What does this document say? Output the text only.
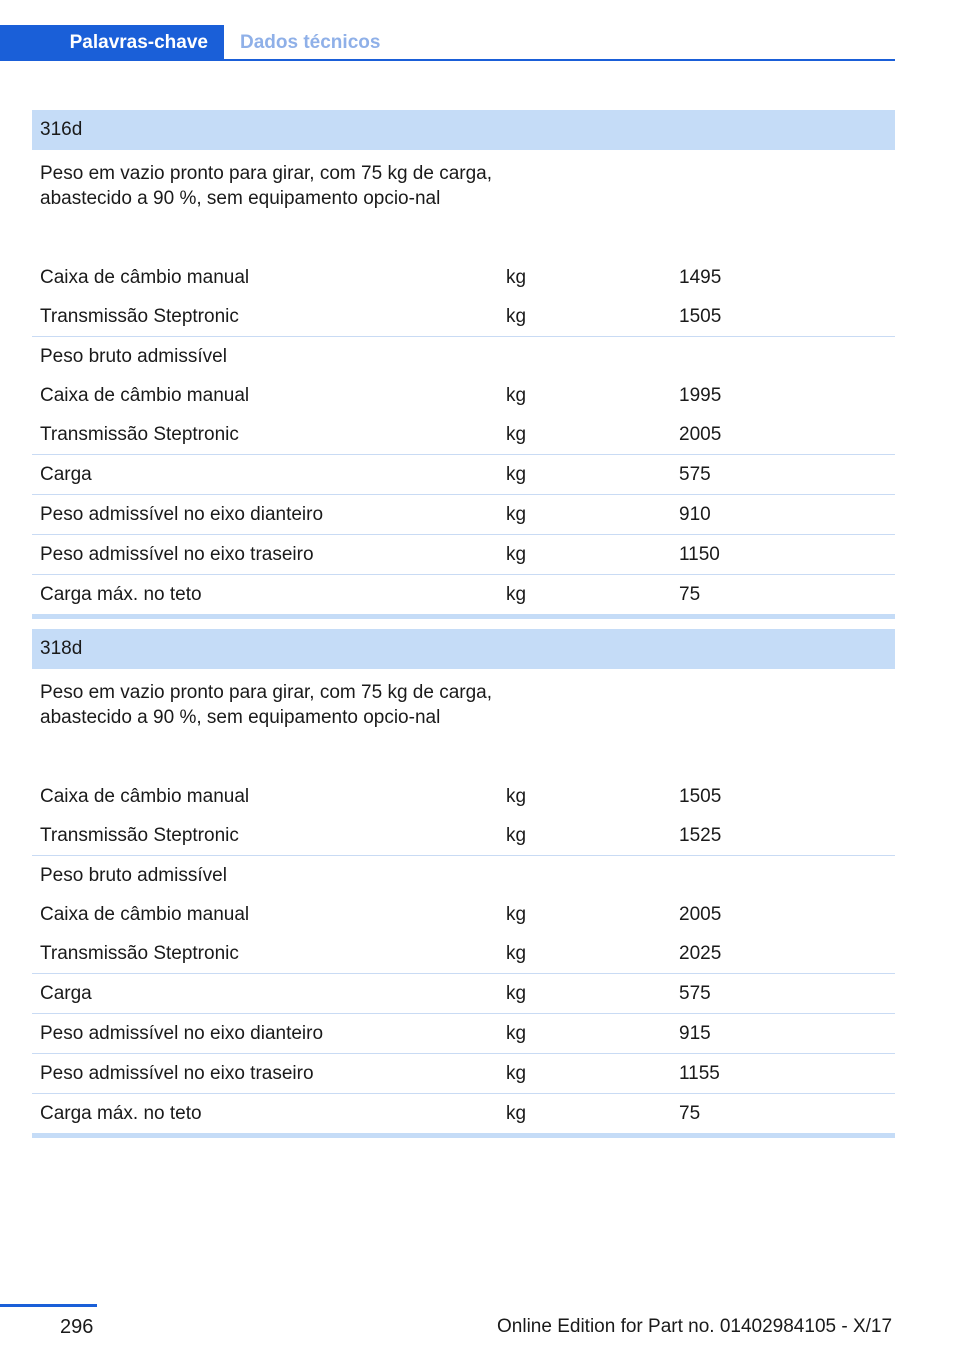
Palavras-chave	Dados técnicos
316d
Peso em vazio pronto para girar, com 75 kg de carga, abastecido a 90 %, sem equipamento opcio-nal
Caixa de câmbio manual	kg	1495
Transmissão Steptronic	kg	1505
Peso bruto admissível
Caixa de câmbio manual	kg	1995
Transmissão Steptronic	kg	2005
Carga	kg	575
Peso admissível no eixo dianteiro	kg	910
Peso admissível no eixo traseiro	kg	1150
Carga máx. no teto	kg	75
318d
Peso em vazio pronto para girar, com 75 kg de carga, abastecido a 90 %, sem equipamento opcio-nal
Caixa de câmbio manual	kg	1505
Transmissão Steptronic	kg	1525
Peso bruto admissível
Caixa de câmbio manual	kg	2005
Transmissão Steptronic	kg	2025
Carga	kg	575
Peso admissível no eixo dianteiro	kg	915
Peso admissível no eixo traseiro	kg	1155
Carga máx. no teto	kg	75
296	Online Edition for Part no. 01402984105 - X/17
